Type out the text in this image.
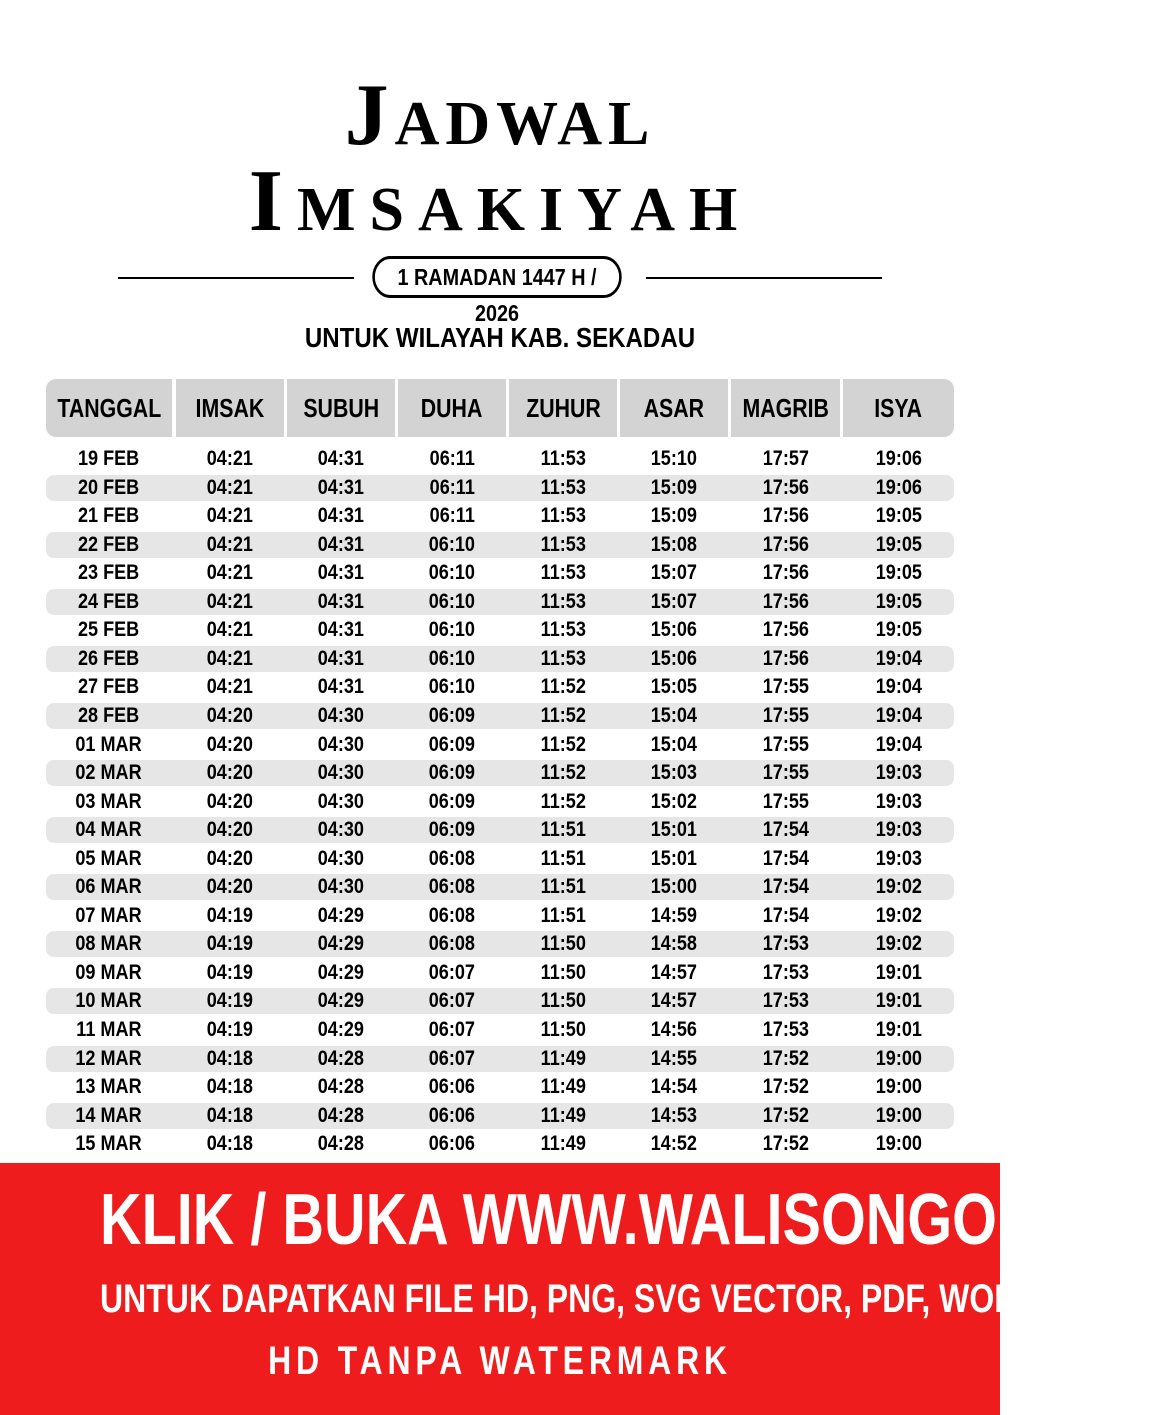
Jadwal
Imsakiyah
1 RAMADAN 1447 H / 2026
UNTUK WILAYAH KAB. SEKADAU
TANGGAL	IMSAK	SUBUH	DUHA	ZUHUR	ASAR	MAGRIB	ISYA
19 FEB	04:21	04:31	06:11	11:53	15:10	17:57	19:06
20 FEB	04:21	04:31	06:11	11:53	15:09	17:56	19:06
21 FEB	04:21	04:31	06:11	11:53	15:09	17:56	19:05
22 FEB	04:21	04:31	06:10	11:53	15:08	17:56	19:05
23 FEB	04:21	04:31	06:10	11:53	15:07	17:56	19:05
24 FEB	04:21	04:31	06:10	11:53	15:07	17:56	19:05
25 FEB	04:21	04:31	06:10	11:53	15:06	17:56	19:05
26 FEB	04:21	04:31	06:10	11:53	15:06	17:56	19:04
27 FEB	04:21	04:31	06:10	11:52	15:05	17:55	19:04
28 FEB	04:20	04:30	06:09	11:52	15:04	17:55	19:04
01 MAR	04:20	04:30	06:09	11:52	15:04	17:55	19:04
02 MAR	04:20	04:30	06:09	11:52	15:03	17:55	19:03
03 MAR	04:20	04:30	06:09	11:52	15:02	17:55	19:03
04 MAR	04:20	04:30	06:09	11:51	15:01	17:54	19:03
05 MAR	04:20	04:30	06:08	11:51	15:01	17:54	19:03
06 MAR	04:20	04:30	06:08	11:51	15:00	17:54	19:02
07 MAR	04:19	04:29	06:08	11:51	14:59	17:54	19:02
08 MAR	04:19	04:29	06:08	11:50	14:58	17:53	19:02
09 MAR	04:19	04:29	06:07	11:50	14:57	17:53	19:01
10 MAR	04:19	04:29	06:07	11:50	14:57	17:53	19:01
11 MAR	04:19	04:29	06:07	11:50	14:56	17:53	19:01
12 MAR	04:18	04:28	06:07	11:49	14:55	17:52	19:00
13 MAR	04:18	04:28	06:06	11:49	14:54	17:52	19:00
14 MAR	04:18	04:28	06:06	11:49	14:53	17:52	19:00
15 MAR	04:18	04:28	06:06	11:49	14:52	17:52	19:00
KLIK / BUKA WWW.WALISONGO.CO.ID
UNTUK DAPATKAN FILE HD, PNG, SVG VECTOR, PDF, WORD, EXCEL
HD TANPA WATERMARK
